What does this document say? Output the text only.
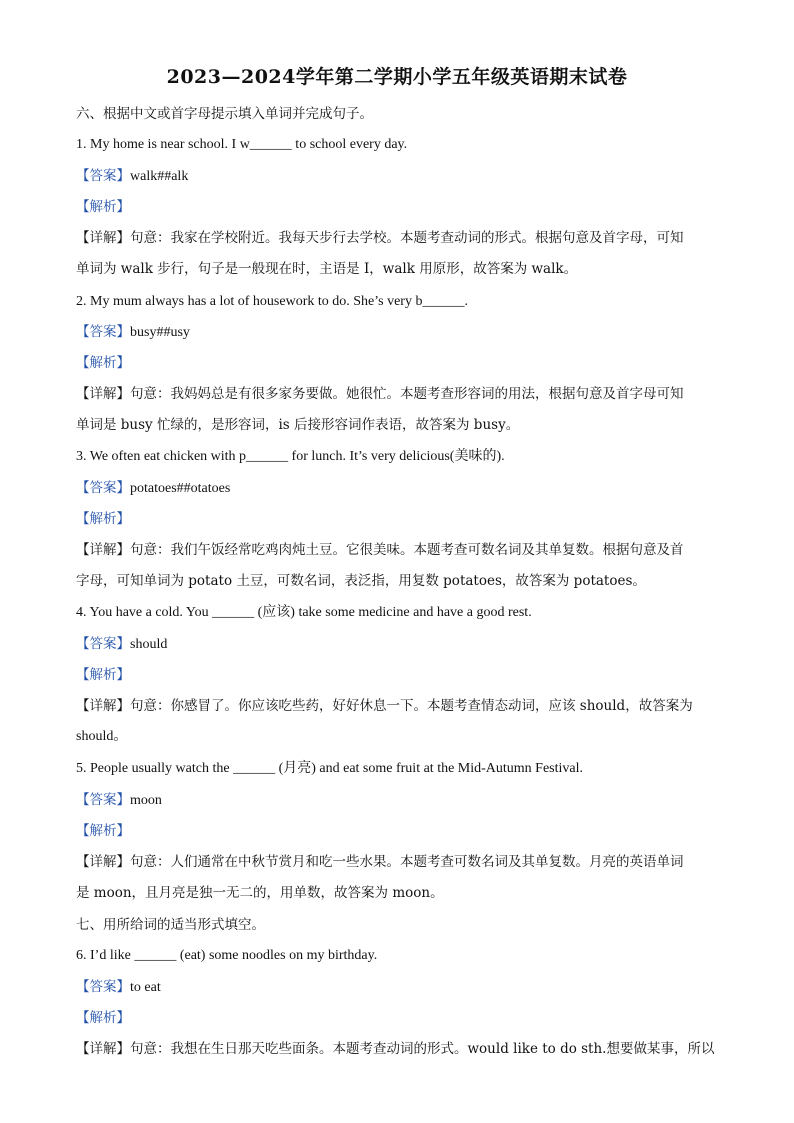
2023—2024学年第二学期小学五年级英语期末试卷
六、根据中文或首字母提示填入单词并完成句子。
1. My home is near school. I w______ to school every day.
【答案】walk##alk
【解析】
【详解】句意：我家在学校附近。我每天步行去学校。本题考查动词的形式。根据句意及首字母，可知
单词为 walk 步行，句子是一般现在时，主语是 I，walk 用原形，故答案为 walk。
2. My mum always has a lot of housework to do. She’s very b______.
【答案】busy##usy
【解析】
【详解】句意：我妈妈总是有很多家务要做。她很忙。本题考查形容词的用法，根据句意及首字母可知
单词是 busy 忙绿的，是形容词，is 后接形容词作表语，故答案为 busy。
3. We often eat chicken with p______ for lunch. It’s very delicious(美味的).
【答案】potatoes##otatoes
【解析】
【详解】句意：我们午饭经常吃鸡肉炖土豆。它很美味。本题考查可数名词及其单复数。根据句意及首
字母，可知单词为 potato 土豆，可数名词，表泛指，用复数 potatoes，故答案为 potatoes。
4. You have a cold. You ______ (应该) take some medicine and have a good rest.
【答案】should
【解析】
【详解】句意：你感冒了。你应该吃些药，好好休息一下。本题考查情态动词，应该 should，故答案为
should。
5. People usually watch the ______ (月亮) and eat some fruit at the Mid-Autumn Festival.
【答案】moon
【解析】
【详解】句意：人们通常在中秋节赏月和吃一些水果。本题考查可数名词及其单复数。月亮的英语单词
是 moon，且月亮是独一无二的，用单数，故答案为 moon。
七、用所给词的适当形式填空。
6. I’d like ______ (eat) some noodles on my birthday.
【答案】to eat
【解析】
【详解】句意：我想在生日那天吃些面条。本题考查动词的形式。would like to do sth.想要做某事，所以
